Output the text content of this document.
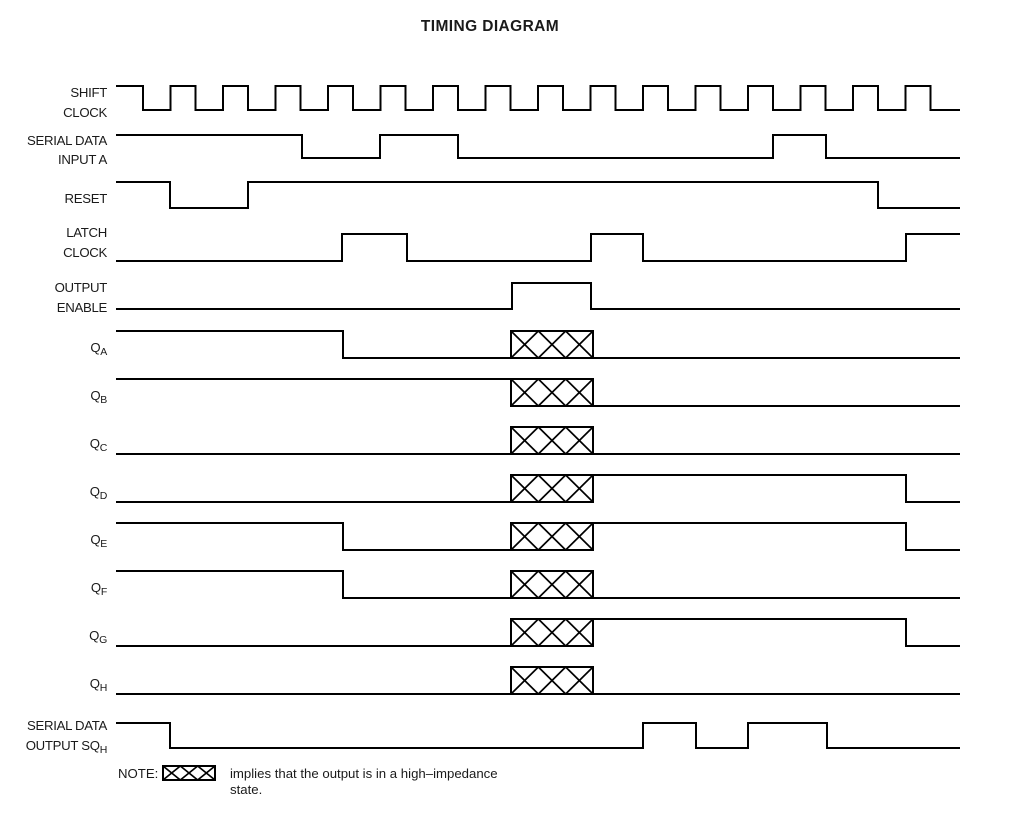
TIMING DIAGRAM
SHIFT
CLOCK
SERIAL DATA
INPUT A
RESET
LATCH
CLOCK
OUTPUT
ENABLE
$Q_A$
$Q_B$
$Q_C$
$Q_D$
$Q_E$
$Q_F$
$Q_G$
$Q_H$
SERIAL DATA
OUTPUT $SQ_H$
NOTE:	implies that the output is in a high–impedance
state.
